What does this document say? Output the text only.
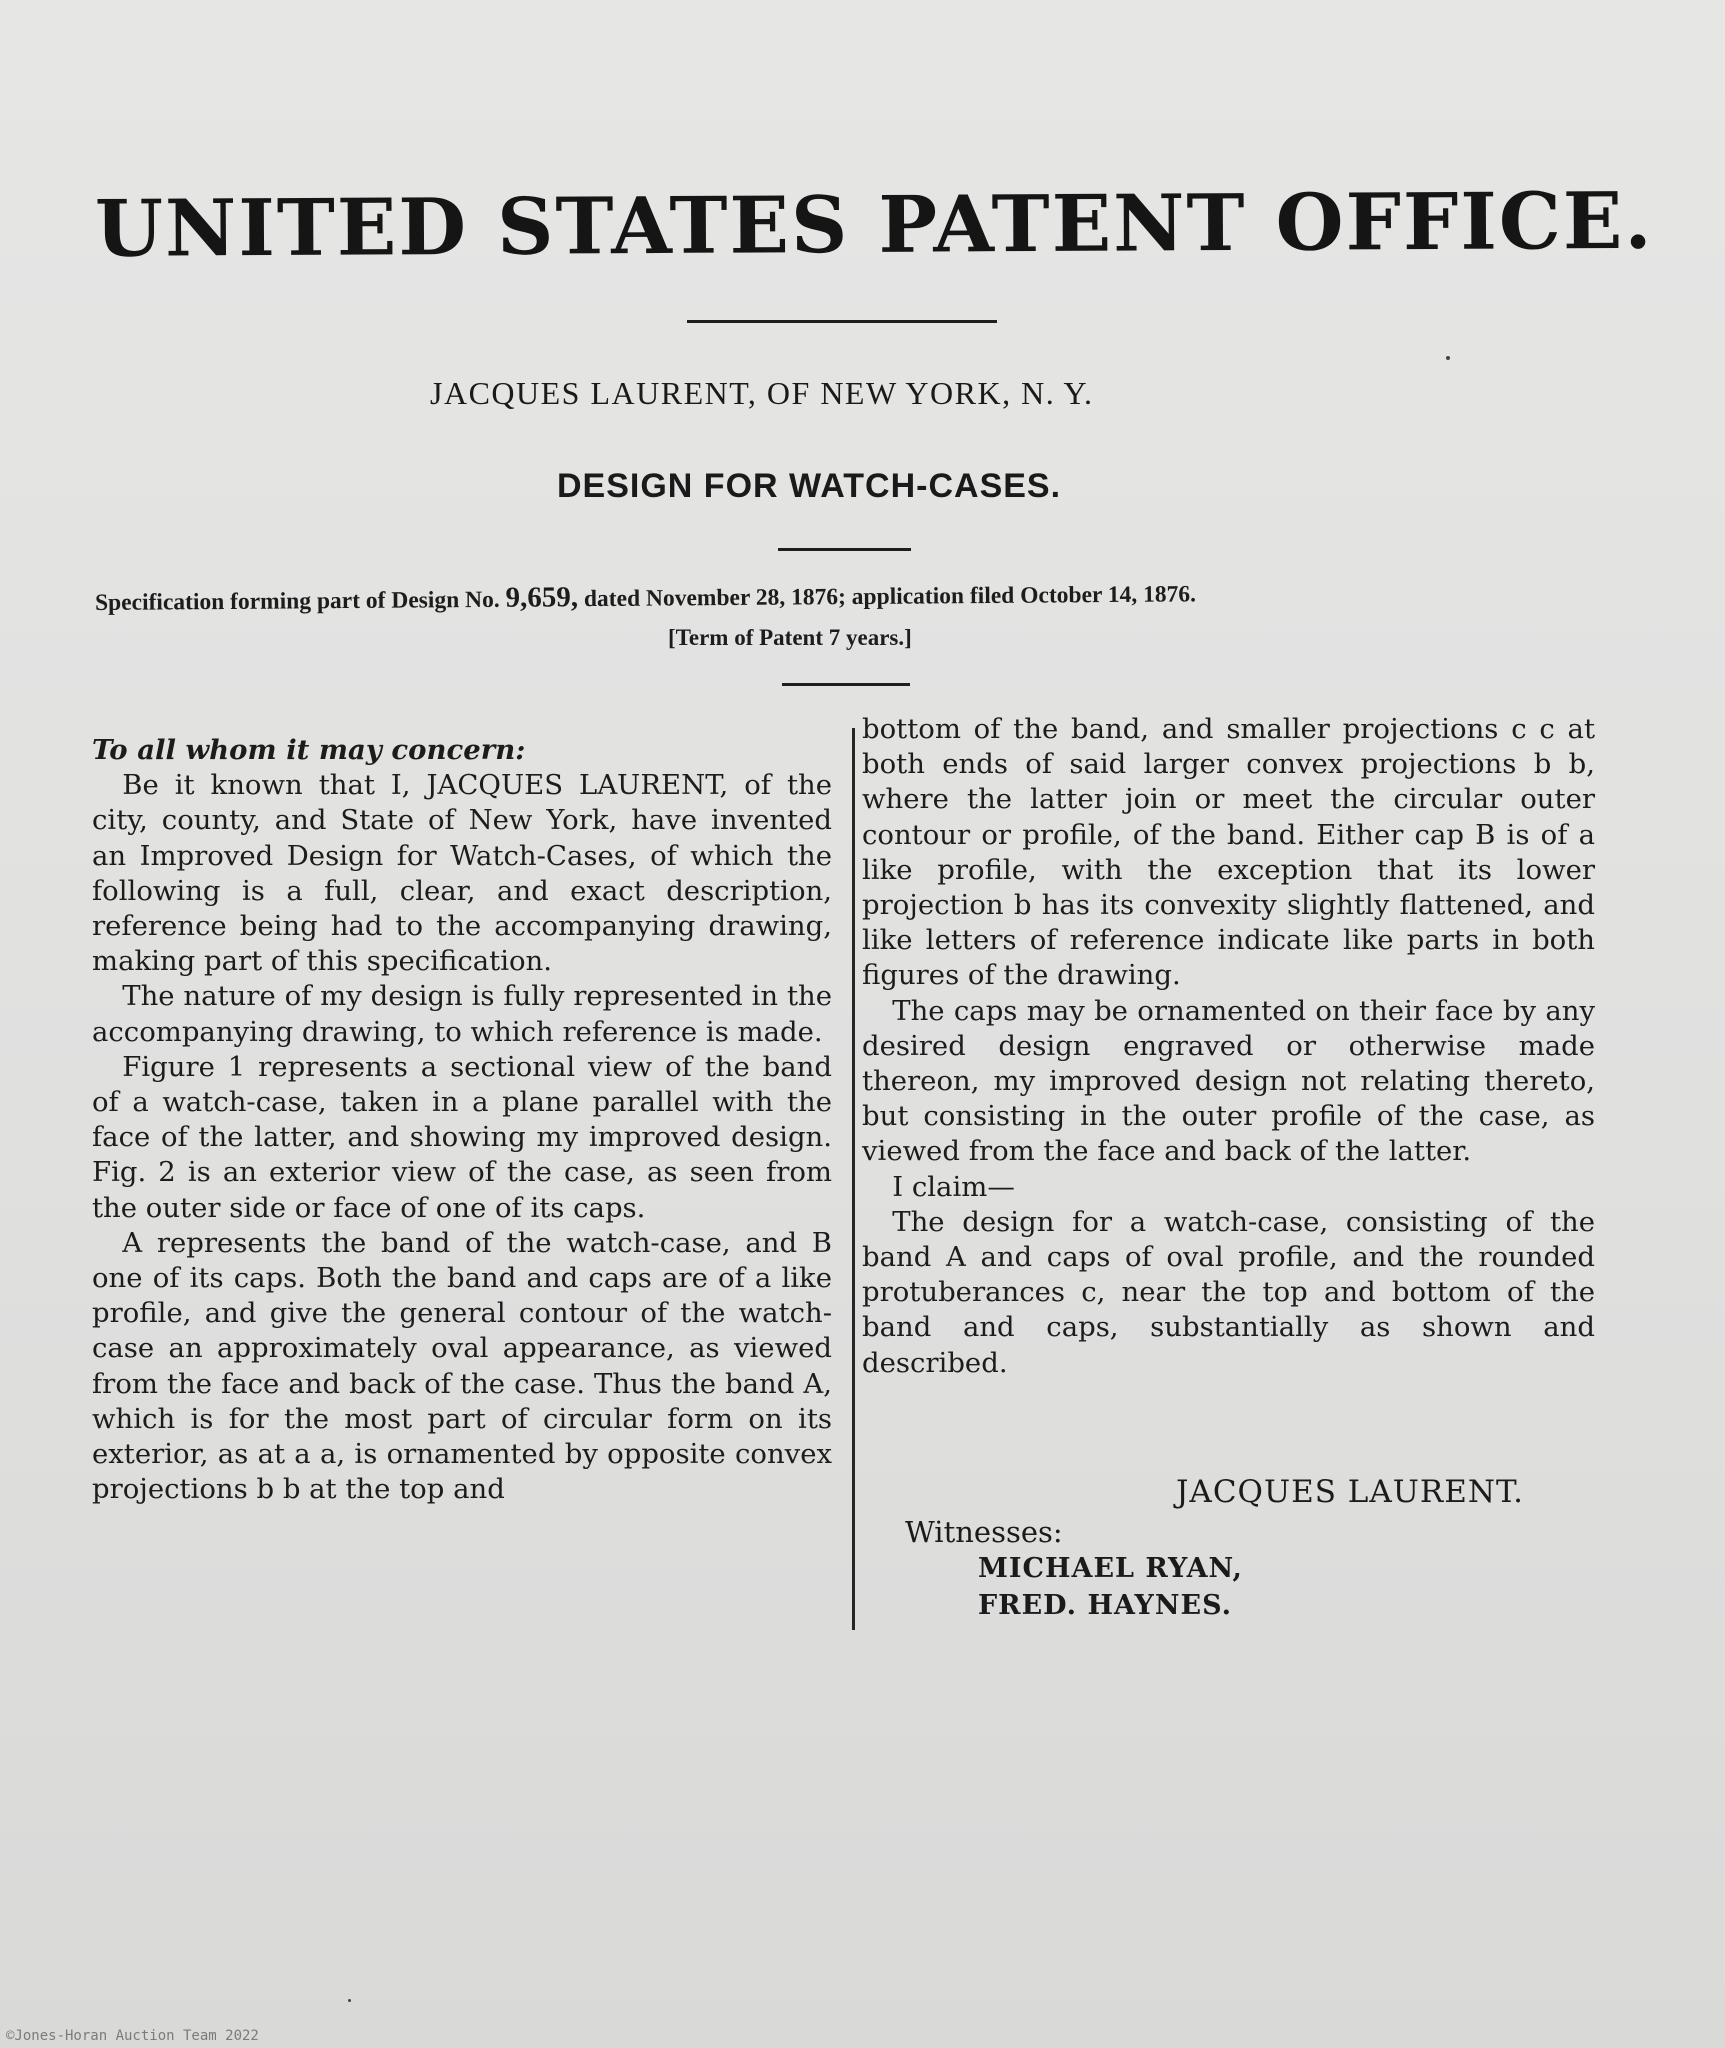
UNITED STATES PATENT OFFICE.
JACQUES LAURENT, OF NEW YORK, N. Y.
DESIGN FOR WATCH-CASES.
Specification forming part of Design No. 9,659, dated November 28, 1876; application filed October 14, 1876.
[Term of Patent 7 years.]
To all whom it may concern:

Be it known that I, JACQUES LAURENT, of the city, county, and State of New York, have invented an Improved Design for Watch-Cases, of which the following is a full, clear, and exact description, reference being had to the accompanying drawing, making part of this specification.

The nature of my design is fully represented in the accompanying drawing, to which reference is made.

Figure 1 represents a sectional view of the band of a watch-case, taken in a plane parallel with the face of the latter, and showing my improved design. Fig. 2 is an exterior view of the case, as seen from the outer side or face of one of its caps.

A represents the band of the watch-case, and B one of its caps. Both the band and caps are of a like profile, and give the general contour of the watch-case an approximately oval appearance, as viewed from the face and back of the case. Thus the band A, which is for the most part of circular form on its exterior, as at a a, is ornamented by opposite convex projections b b at the top and

bottom of the band, and smaller projections c c at both ends of said larger convex projections b b, where the latter join or meet the circular outer contour or profile, of the band. Either cap B is of a like profile, with the exception that its lower projection b has its convexity slightly flattened, and like letters of reference indicate like parts in both figures of the drawing.

The caps may be ornamented on their face by any desired design engraved or otherwise made thereon, my improved design not relating thereto, but consisting in the outer profile of the case, as viewed from the face and back of the latter.

I claim—

The design for a watch-case, consisting of the band A and caps of oval profile, and the rounded protuberances c, near the top and bottom of the band and caps, substantially as shown and described.

JACQUES LAURENT.
Witnesses:
MICHAEL RYAN,
FRED. HAYNES.
©Jones-Horan Auction Team 2022
